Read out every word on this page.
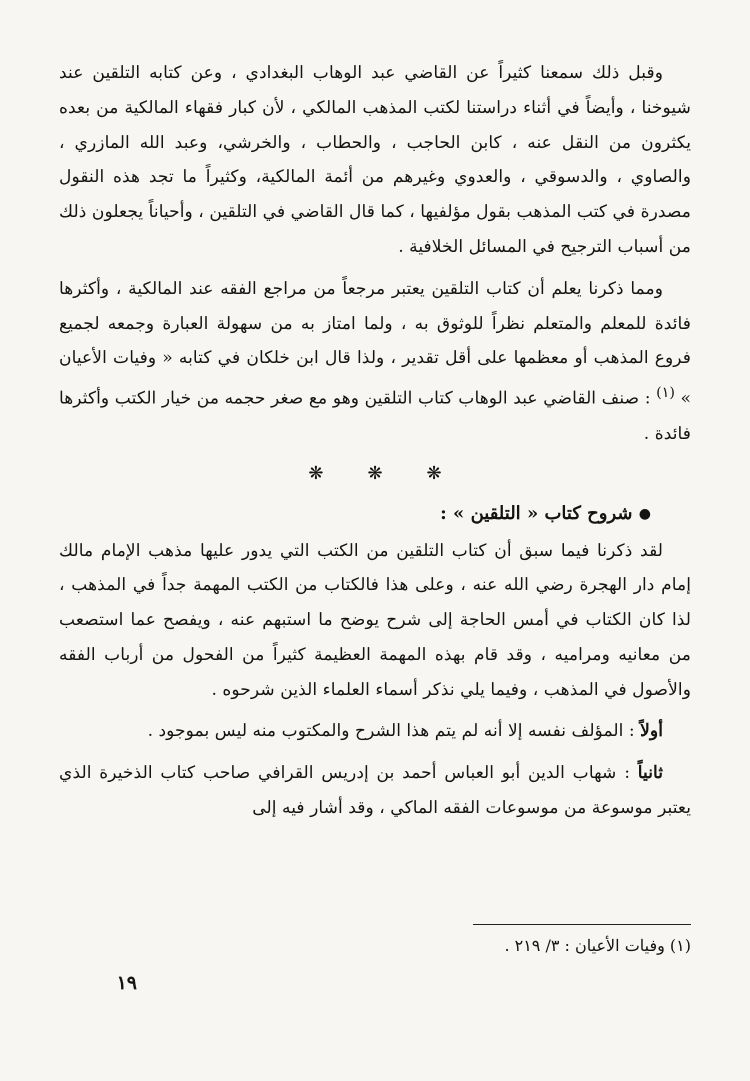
وقبل ذلك سمعنا كثيراً عن القاضي عبد الوهاب البغدادي ، وعن كتابه التلقين عند شيوخنا ، وأيضاً في أثناء دراستنا لكتب المذهب المالكي ، لأن كبار فقهاء المالكية من بعده يكثرون من النقل عنه ، كابن الحاجب ، والحطاب ، والخرشي، وعبد الله المازري ، والصاوي ، والدسوقي ، والعدوي وغيرهم من أئمة المالكية، وكثيراً ما تجد هذه النقول مصدرة في كتب المذهب بقول مؤلفيها ، كما قال القاضي في التلقين ، وأحياناً يجعلون ذلك من أسباب الترجيح في المسائل الخلافية .

ومما ذكرنا يعلم أن كتاب التلقين يعتبر مرجعاً من مراجع الفقه عند المالكية ، وأكثرها فائدة للمعلم والمتعلم نظراً للوثوق به ، ولما امتاز به من سهولة العبارة وجمعه لجميع فروع المذهب أو معظمها على أقل تقدير ، ولذا قال ابن خلكان في كتابه « وفيات الأعيان » $^{(١)}$ : صنف القاضي عبد الوهاب كتاب التلقين وهو مع صغر حجمه من خيار الكتب وأكثرها فائدة .

❋❋❋
● شروح كتاب « التلقين » :

لقد ذكرنا فيما سبق أن كتاب التلقين من الكتب التي يدور عليها مذهب الإمام مالك إمام دار الهجرة رضي الله عنه ، وعلى هذا فالكتاب من الكتب المهمة جداً في المذهب ، لذا كان الكتاب في أمس الحاجة إلى شرح يوضح ما استبهم عنه ، ويفصح عما استصعب من معانيه ومراميه ، وقد قام بهذه المهمة العظيمة كثيراً من الفحول من أرباب الفقه والأصول في المذهب ، وفيما يلي نذكر أسماء العلماء الذين شرحوه .

أولاً : المؤلف نفسه إلا أنه لم يتم هذا الشرح والمكتوب منه ليس بموجود .

ثانياً : شهاب الدين أبو العباس أحمد بن إدريس القرافي صاحب كتاب الذخيرة الذي يعتبر موسوعة من موسوعات الفقه الماكي ، وقد أشار فيه إلى

(١) وفيات الأعيان : ٣/ ٢١٩ .
١٩
